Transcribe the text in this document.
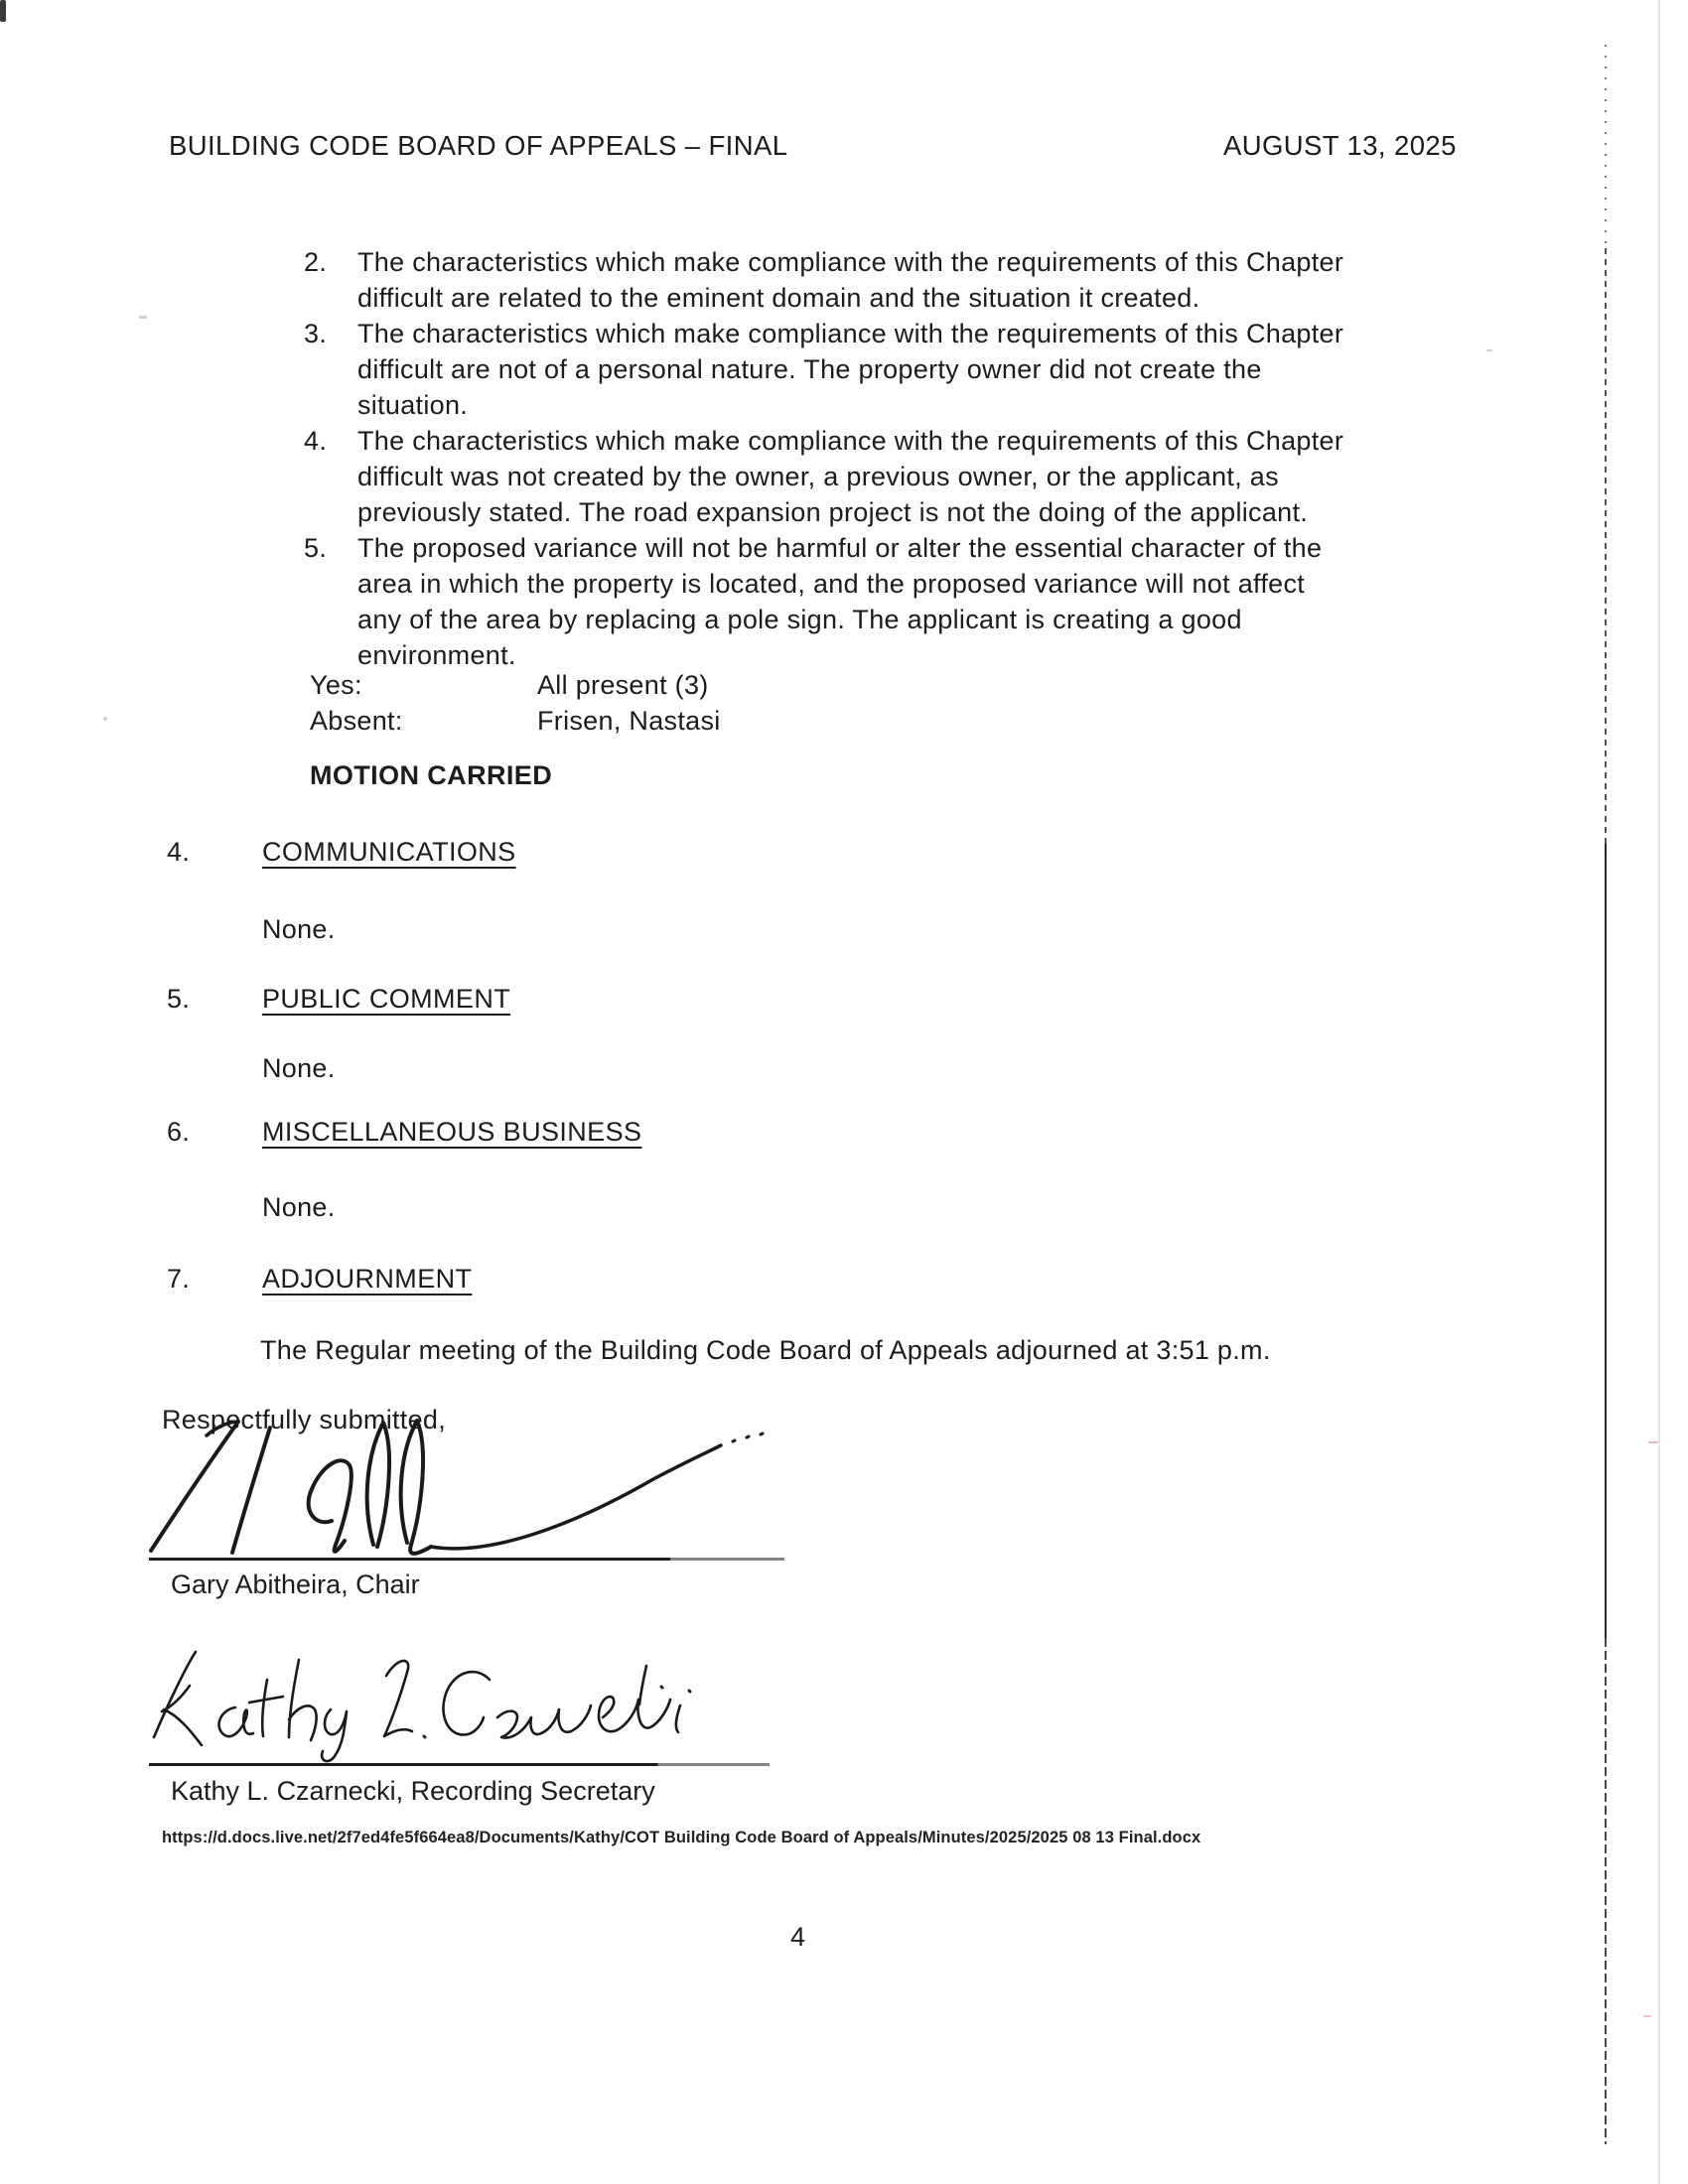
BUILDING CODE BOARD OF APPEALS – FINAL	AUGUST 13, 2025
2.	The characteristics which make compliance with the requirements of this Chapter difficult are related to the eminent domain and the situation it created.
3.	The characteristics which make compliance with the requirements of this Chapter difficult are not of a personal nature. The property owner did not create the situation.
4.	The characteristics which make compliance with the requirements of this Chapter difficult was not created by the owner, a previous owner, or the applicant, as previously stated. The road expansion project is not the doing of the applicant.
5.	The proposed variance will not be harmful or alter the essential character of the area in which the property is located, and the proposed variance will not affect any of the area by replacing a pole sign. The applicant is creating a good environment.
Yes:	All present (3)
Absent:	Frisen, Nastasi
MOTION CARRIED
4.	COMMUNICATIONS
None.
5.	PUBLIC COMMENT
None.
6.	MISCELLANEOUS BUSINESS
None.
7.	ADJOURNMENT
The Regular meeting of the Building Code Board of Appeals adjourned at 3:51 p.m.
Respectfully submitted,
Gary Abitheira, Chair
Kathy L. Czarnecki, Recording Secretary
https://d.docs.live.net/2f7ed4fe5f664ea8/Documents/Kathy/COT Building Code Board of Appeals/Minutes/2025/2025 08 13 Final.docx
4
